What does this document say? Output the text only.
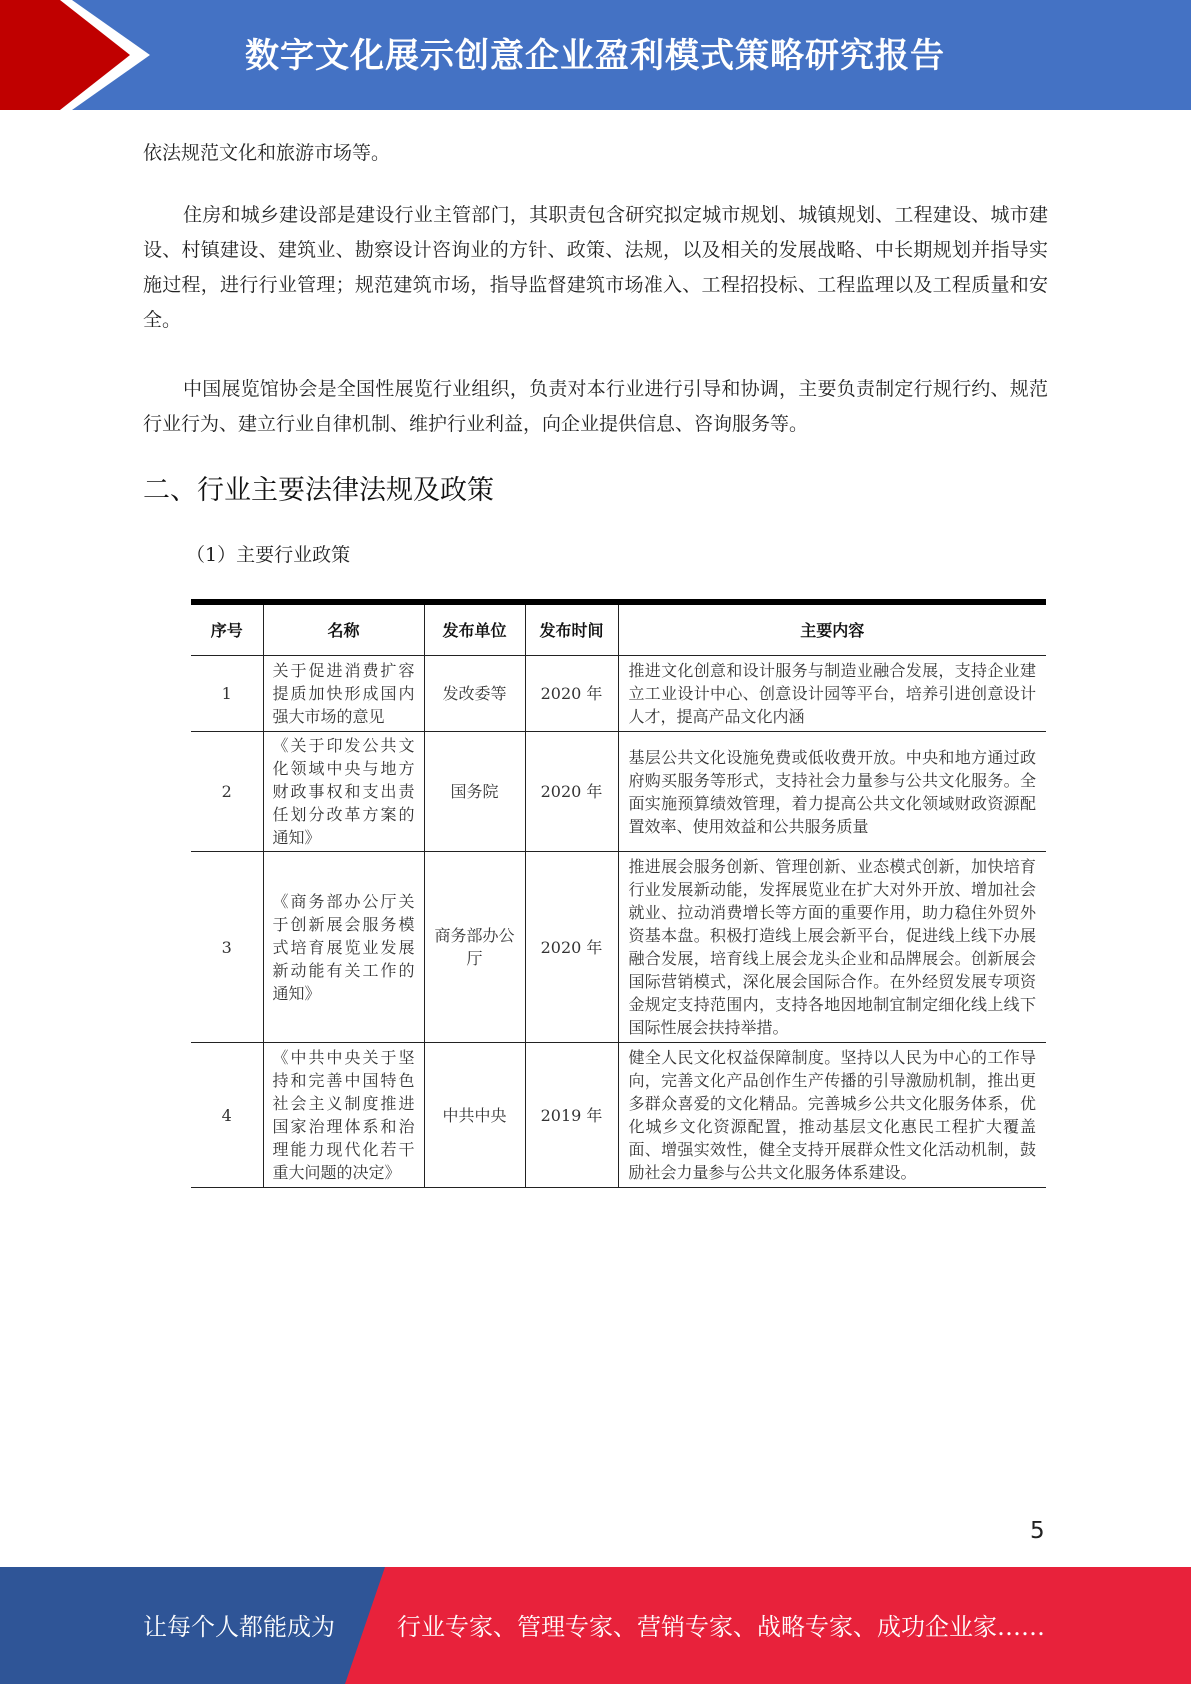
数字文化展示创意企业盈利模式策略研究报告

依法规范文化和旅游市场等。

住房和城乡建设部是建设行业主管部门，其职责包含研究拟定城市规划、城镇规划、工程建设、城市建设、村镇建设、建筑业、勘察设计咨询业的方针、政策、法规，以及相关的发展战略、中长期规划并指导实施过程，进行行业管理；规范建筑市场，指导监督建筑市场准入、工程招投标、工程监理以及工程质量和安全。

中国展览馆协会是全国性展览行业组织，负责对本行业进行引导和协调，主要负责制定行规行约、规范行业行为、建立行业自律机制、维护行业利益，向企业提供信息、咨询服务等。

二、行业主要法律法规及政策
（1）主要行业政策
序号	名称	发布单位	发布时间	主要内容
1	关于促进消费扩容提质加快形成国内强大市场的意见	发改委等	2020 年	推进文化创意和设计服务与制造业融合发展，支持企业建立工业设计中心、创意设计园等平台，培养引进创意设计人才，提高产品文化内涵
2	《关于印发公共文化领域中央与地方财政事权和支出责任划分改革方案的通知》	国务院	2020 年	基层公共文化设施免费或低收费开放。中央和地方通过政府购买服务等形式，支持社会力量参与公共文化服务。全面实施预算绩效管理，着力提高公共文化领域财政资源配置效率、使用效益和公共服务质量
3	《商务部办公厅关于创新展会服务模式培育展览业发展新动能有关工作的通知》	商务部办公厅	2020 年	推进展会服务创新、管理创新、业态模式创新，加快培育行业发展新动能，发挥展览业在扩大对外开放、增加社会就业、拉动消费增长等方面的重要作用，助力稳住外贸外资基本盘。积极打造线上展会新平台，促进线上线下办展融合发展，培育线上展会龙头企业和品牌展会。创新展会国际营销模式，深化展会国际合作。在外经贸发展专项资金规定支持范围内，支持各地因地制宜制定细化线上线下国际性展会扶持举措。
4	《中共中央关于坚持和完善中国特色社会主义制度推进国家治理体系和治理能力现代化若干重大问题的决定》	中共中央	2019 年	健全人民文化权益保障制度。坚持以人民为中心的工作导向，完善文化产品创作生产传播的引导激励机制，推出更多群众喜爱的文化精品。完善城乡公共文化服务体系，优化城乡文化资源配置，推动基层文化惠民工程扩大覆盖面、增强实效性，健全支持开展群众性文化活动机制，鼓励社会力量参与公共文化服务体系建设。
5
让每个人都能成为	行业专家、管理专家、营销专家、战略专家、成功企业家……
